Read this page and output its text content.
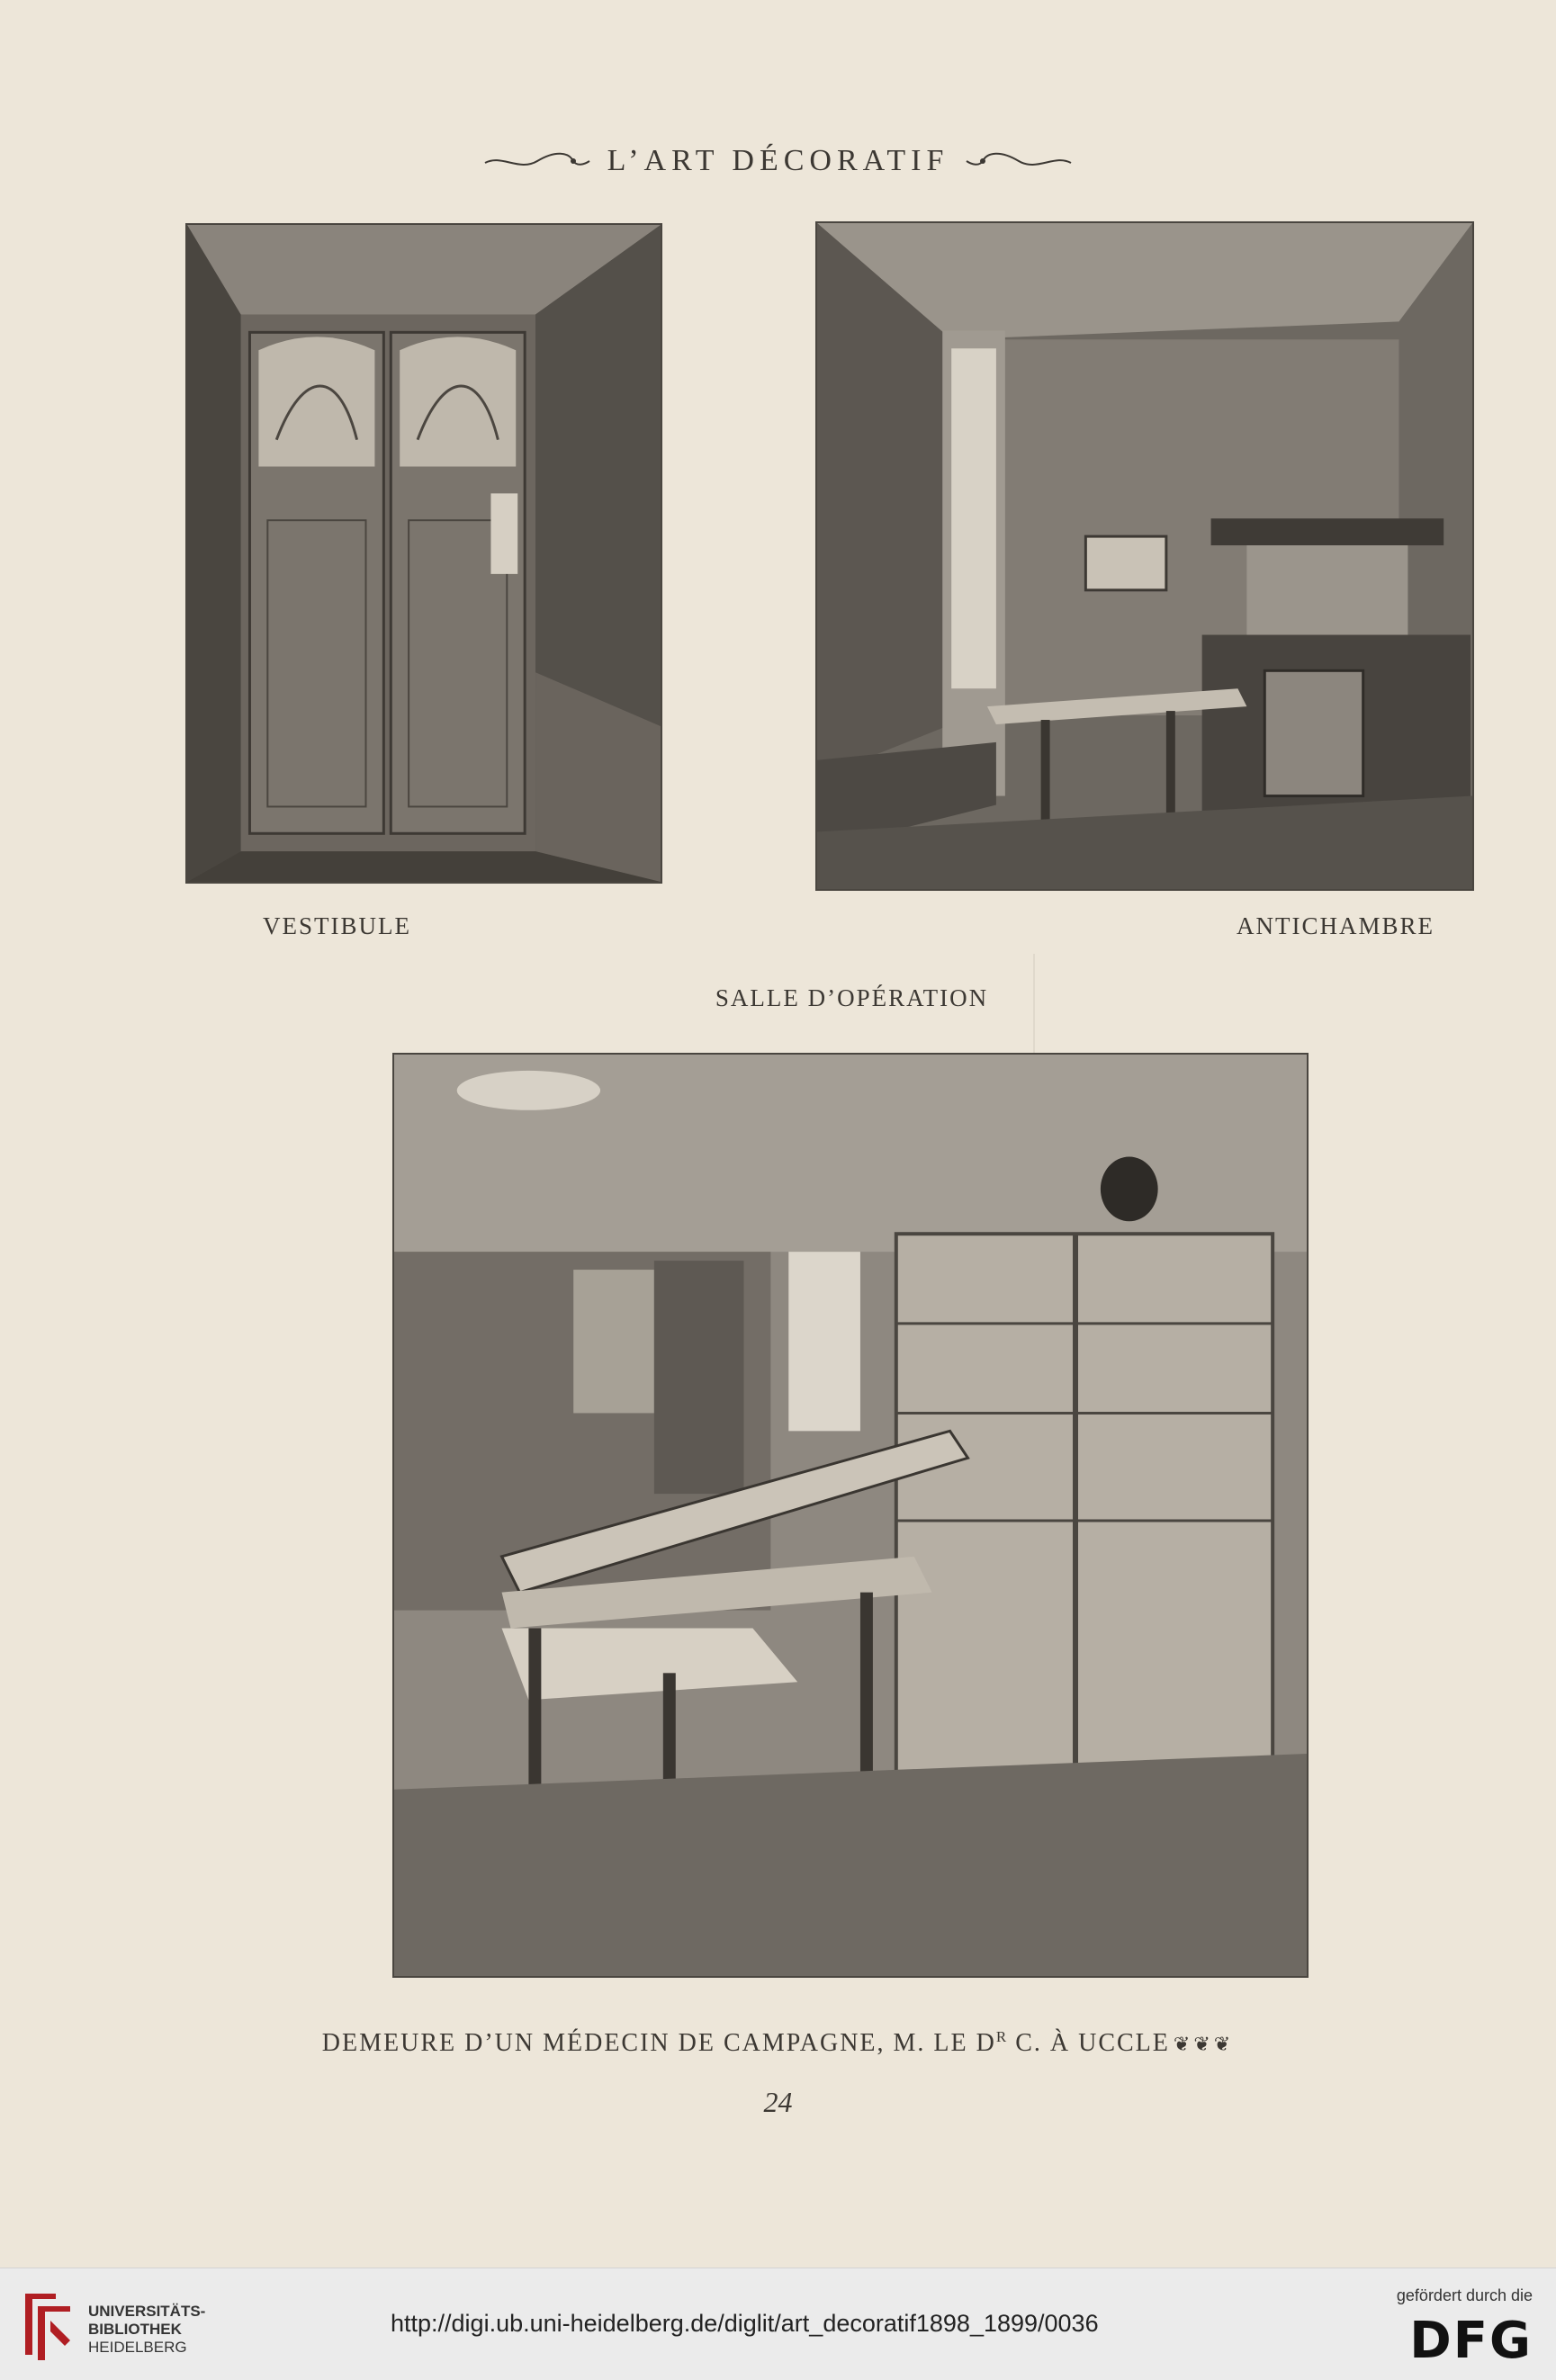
L’ART DÉCORATIF
VESTIBULE	ANTICHAMBRE
SALLE D’OPÉRATION
DEMEURE D’UN MÉDECIN DE CAMPAGNE, M. LE $D^R$ C. À UCCLE ❦❦❦
24
UNIVERSITÄTS-
BIBLIOTHEK
HEIDELBERG
http://digi.ub.uni-heidelberg.de/diglit/art_decoratif1898_1899/0036
gefördert durch die
DFG
